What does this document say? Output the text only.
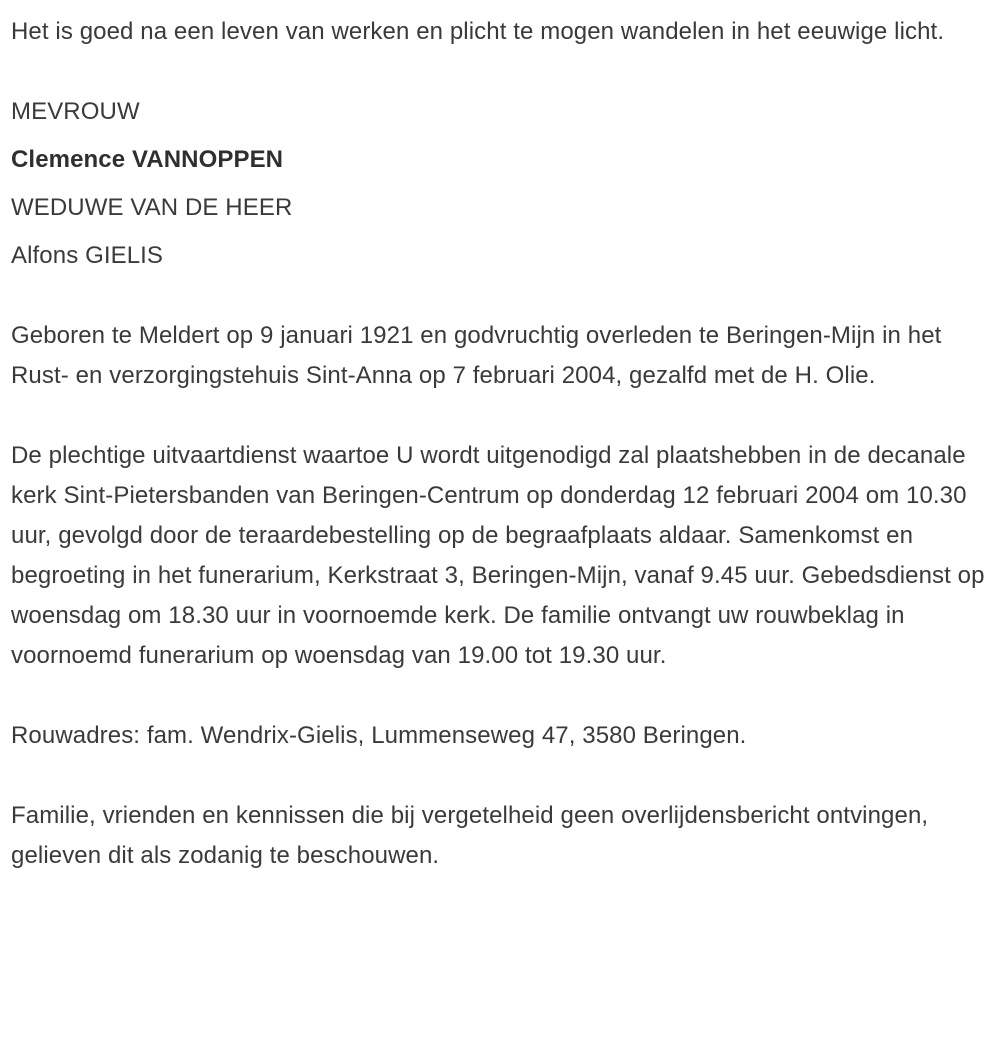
Het is goed na een leven van werken en plicht te mogen wandelen in het eeuwige licht.

MEVROUW

Clemence VANNOPPEN

WEDUWE VAN DE HEER

Alfons GIELIS

Geboren te Meldert op 9 januari 1921 en godvruchtig overleden te Beringen-Mijn in het Rust- en verzorgingstehuis Sint-Anna op 7 februari 2004, gezalfd met de H. Olie.

De plechtige uitvaartdienst waartoe U wordt uitgenodigd zal plaatshebben in de decanale kerk Sint-Pietersbanden van Beringen-Centrum op donderdag 12 februari 2004 om 10.30 uur, gevolgd door de teraardebestelling op de begraafplaats aldaar. Samenkomst en begroeting in het funerarium, Kerkstraat 3, Beringen-Mijn, vanaf 9.45 uur. Gebedsdienst op woensdag om 18.30 uur in voornoemde kerk. De familie ontvangt uw rouwbeklag in voornoemd funerarium op woensdag van 19.00 tot 19.30 uur.

Rouwadres: fam. Wendrix-Gielis, Lummenseweg 47, 3580 Beringen.

Familie, vrienden en kennissen die bij vergetelheid geen overlijdensbericht ontvingen, gelieven dit als zodanig te beschouwen.
